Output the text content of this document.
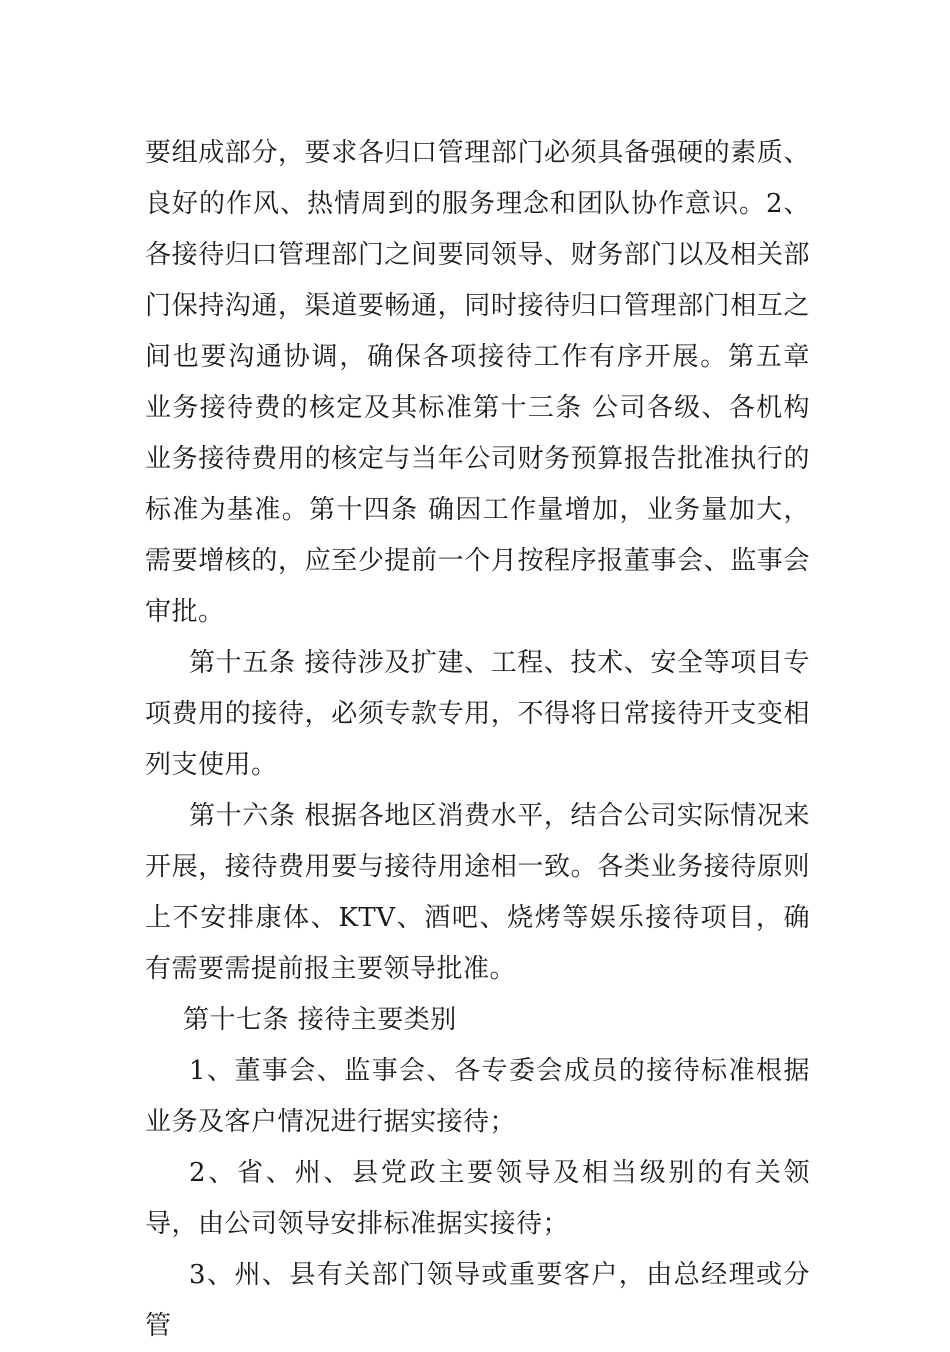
要组成部分，要求各归口管理部门必须具备强硬的素质、良好的作风、热情周到的服务理念和团队协作意识。2、各接待归口管理部门之间要同领导、财务部门以及相关部门保持沟通，渠道要畅通，同时接待归口管理部门相互之间也要沟通协调，确保各项接待工作有序开展。第五章 业务接待费的核定及其标准第十三条 公司各级、各机构业务接待费用的核定与当年公司财务预算报告批准执行的标准为基准。第十四条 确因工作量增加，业务量加大，需要增核的，应至少提前一个月按程序报董事会、监事会审批。

第十五条 接待涉及扩建、工程、技术、安全等项目专项费用的接待，必须专款专用，不得将日常接待开支变相列支使用。

第十六条 根据各地区消费水平，结合公司实际情况来开展，接待费用要与接待用途相一致。各类业务接待原则上不安排康体、KTV、酒吧、烧烤等娱乐接待项目，确有需要需提前报主要领导批准。

第十七条 接待主要类别

1、董事会、监事会、各专委会成员的接待标准根据业务及客户情况进行据实接待；

2、省、州、县党政主要领导及相当级别的有关领导，由公司领导安排标准据实接待；

3、州、县有关部门领导或重要客户，由总经理或分管
